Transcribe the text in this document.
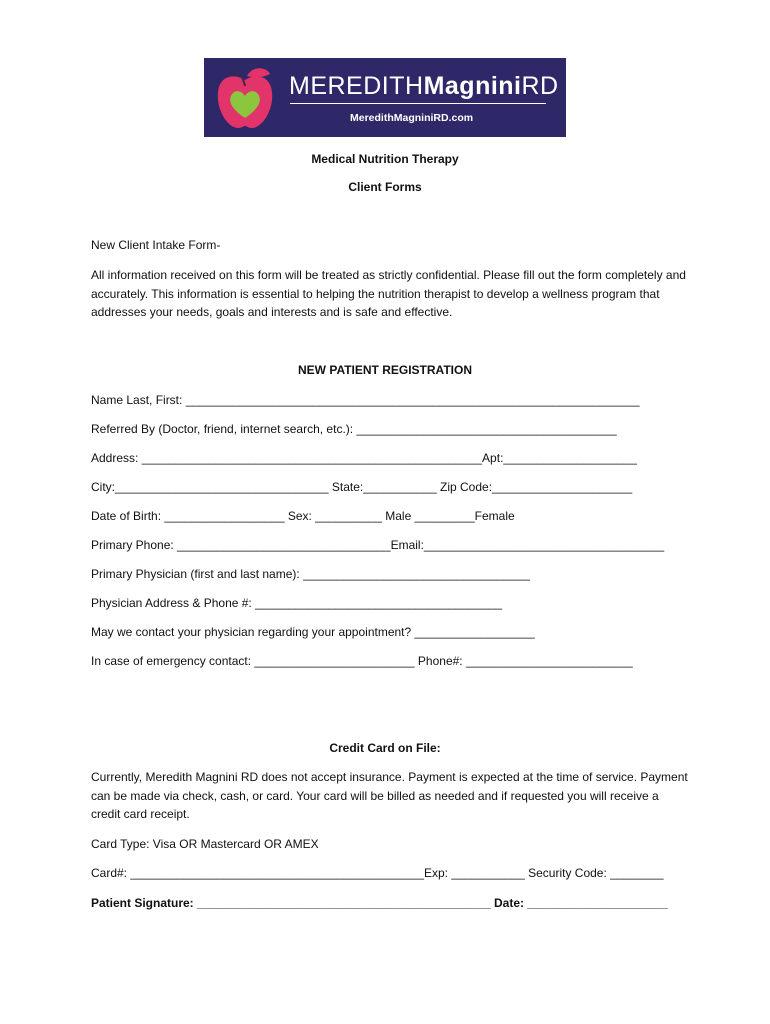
MEREDITHMagniniRD
MeredithMagniniRD.com
Medical Nutrition Therapy
Client Forms
New Client Intake Form-
All information received on this form will be treated as strictly confidential. Please fill out the form completely and accurately. This information is essential to helping the nutrition therapist to develop a wellness program that addresses your needs, goals and interests and is safe and effective.
NEW PATIENT REGISTRATION
Name Last, First: ____________________________________________________________________
Referred By (Doctor, friend, internet search, etc.): _______________________________________
Address: ___________________________________________________Apt:____________________
City:________________________________ State:___________ Zip Code:_____________________
Date of Birth: __________________ Sex: __________ Male _________Female
Primary Phone: ________________________________Email:____________________________________
Primary Physician (first and last name): __________________________________
Physician Address & Phone #: _____________________________________
May we contact your physician regarding your appointment? __________________
In case of emergency contact: ________________________ Phone#: _________________________
Credit Card on File:
Currently, Meredith Magnini RD does not accept insurance. Payment is expected at the time of service. Payment can be made via check, cash, or card. Your card will be billed as needed and if requested you will receive a credit card receipt.
Card Type: Visa OR Mastercard OR AMEX
Card#: ____________________________________________Exp: ___________ Security Code: ________
Patient Signature: ____________________________________________ Date: _____________________
